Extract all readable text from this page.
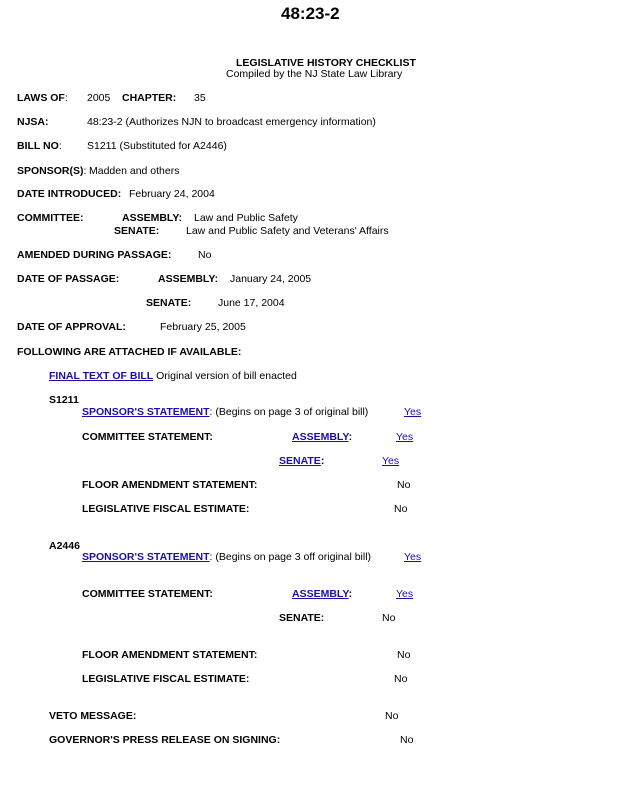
48:23-2
LEGISLATIVE HISTORY CHECKLIST
Compiled by the NJ State Law Library
LAWS OF: 2005 CHAPTER: 35
NJSA:	48:23-2 (Authorizes NJN to broadcast emergency information)
BILL NO: S1211 (Substituted for A2446)
SPONSOR(S): Madden and others
DATE INTRODUCED: February 24, 2004
COMMITTEE:	ASSEMBLY: Law and Public Safety
SENATE:	Law and Public Safety and Veterans' Affairs
AMENDED DURING PASSAGE:	No
DATE OF PASSAGE:	ASSEMBLY: January 24, 2005
SENATE:	June 17, 2004
DATE OF APPROVAL:	February 25, 2005
FOLLOWING ARE ATTACHED IF AVAILABLE:
FINAL TEXT OF BILL Original version of bill enacted
S1211
SPONSOR'S STATEMENT: (Begins on page 3 of original bill)	Yes
COMMITTEE STATEMENT:	ASSEMBLY:	Yes
SENATE:	Yes
FLOOR AMENDMENT STATEMENT:	No
LEGISLATIVE FISCAL ESTIMATE:	No
A2446
SPONSOR'S STATEMENT: (Begins on page 3 off original bill)	Yes
COMMITTEE STATEMENT:	ASSEMBLY:	Yes
SENATE:	No
FLOOR AMENDMENT STATEMENT:	No
LEGISLATIVE FISCAL ESTIMATE:	No
VETO MESSAGE:	No
GOVERNOR'S PRESS RELEASE ON SIGNING:	No
